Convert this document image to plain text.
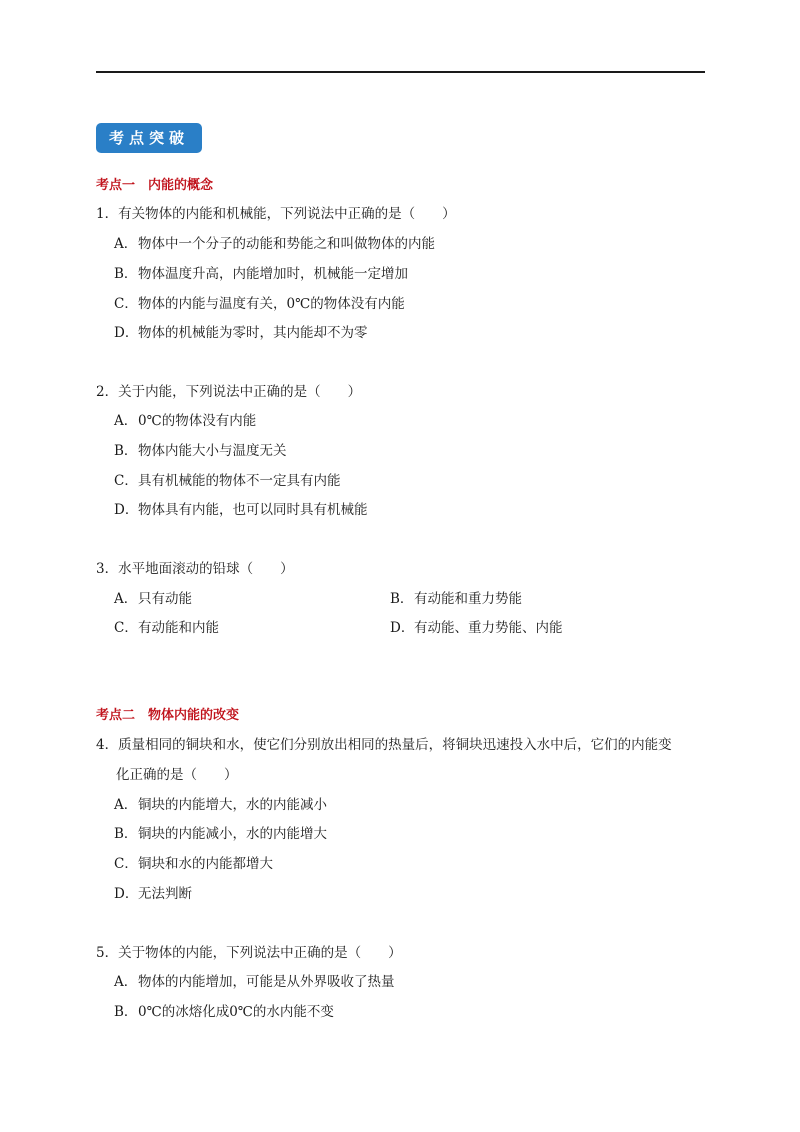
考点突破
考点一　内能的概念
1．有关物体的内能和机械能，下列说法中正确的是（　　）
A．物体中一个分子的动能和势能之和叫做物体的内能
B．物体温度升高，内能增加时，机械能一定增加
C．物体的内能与温度有关，0℃的物体没有内能
D．物体的机械能为零时，其内能却不为零
2．关于内能，下列说法中正确的是（　　）
A．0℃的物体没有内能
B．物体内能大小与温度无关
C．具有机械能的物体不一定具有内能
D．物体具有内能，也可以同时具有机械能
3．水平地面滚动的铅球（　　）
A．只有动能	B．有动能和重力势能
C．有动能和内能	D．有动能、重力势能、内能
考点二　物体内能的改变
4．质量相同的铜块和水，使它们分别放出相同的热量后，将铜块迅速投入水中后，它们的内能变
化正确的是（　　）
A．铜块的内能增大，水的内能减小
B．铜块的内能减小，水的内能增大
C．铜块和水的内能都增大
D．无法判断
5．关于物体的内能，下列说法中正确的是（　　）
A．物体的内能增加，可能是从外界吸收了热量
B．0℃的冰熔化成0℃的水内能不变
